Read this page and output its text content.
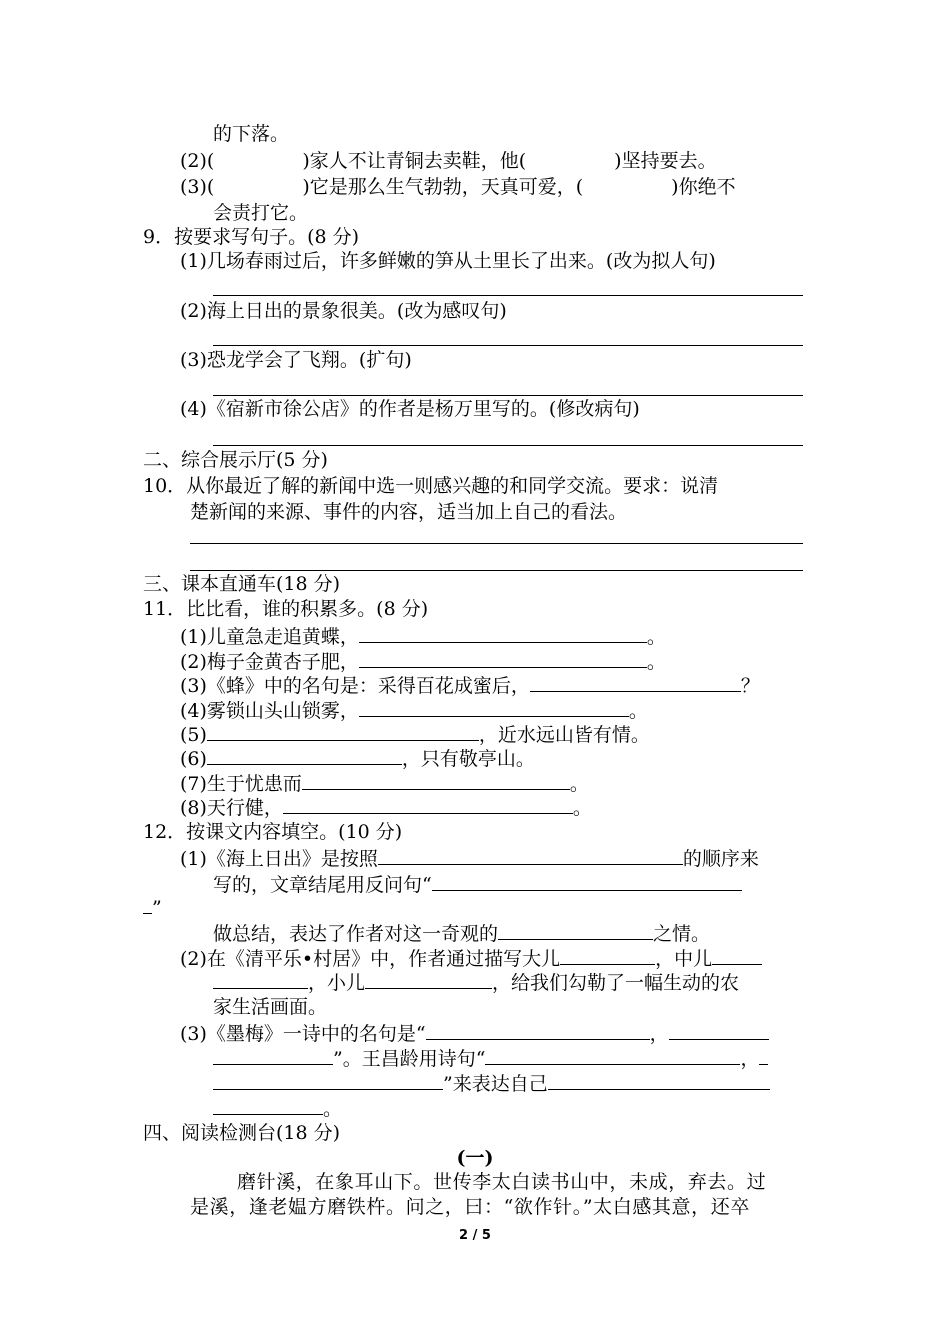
的下落。
(2)(	)家人不让青铜去卖鞋，他(	)坚持要去。
(3)(	)它是那么生气勃勃，天真可爱，(	)你绝不
会责打它。
9．按要求写句子。(8 分)
(1)几场春雨过后，许多鲜嫩的笋从土里长了出来。(改为拟人句)
(2)海上日出的景象很美。(改为感叹句)
(3)恐龙学会了飞翔。(扩句)
(4)《宿新市徐公店》的作者是杨万里写的。(修改病句)
二、综合展示厅(5 分)
10．从你最近了解的新闻中选一则感兴趣的和同学交流。要求：说清
楚新闻的来源、事件的内容，适当加上自己的看法。
三、课本直通车(18 分)
11．比比看，谁的积累多。(8 分)
(1)儿童急走追黄蝶，	。
(2)梅子金黄杏子肥，	。
(3)《蜂》中的名句是：采得百花成蜜后，	？
(4)雾锁山头山锁雾，	。
(5)	，近水远山皆有情。
(6)	，只有敬亭山。
(7)生于忧患而	。
(8)天行健，	。
12．按课文内容填空。(10 分)
(1)《海上日出》是按照	的顺序来
写的，文章结尾用反问句“
”
做总结，表达了作者对这一奇观的	之情。
(2)在《清平乐•村居》中，作者通过描写大儿	，中儿
，小儿	，给我们勾勒了一幅生动的农
家生活画面。
(3)《墨梅》一诗中的名句是“	，
”。王昌龄用诗句“	，
”来表达自己
。
四、阅读检测台(18 分)
(一)
磨针溪，在象耳山下。世传李太白读书山中，未成，弃去。过
是溪，逢老媪方磨铁杵。问之，曰：“欲作针。”太白感其意，还卒
2 / 5
